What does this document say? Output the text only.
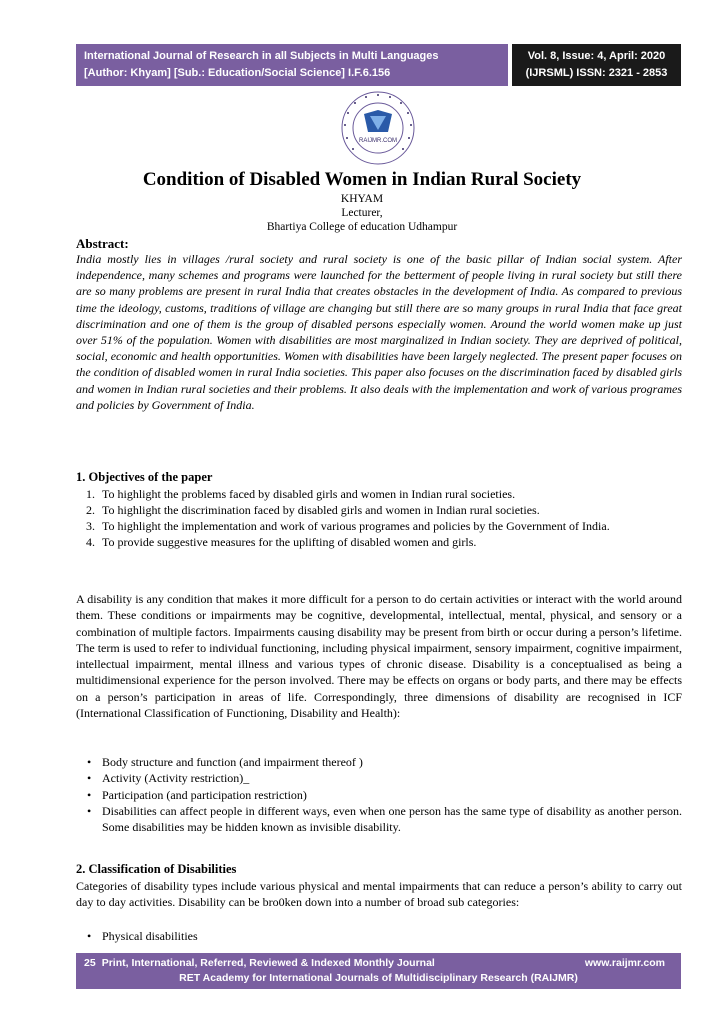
International Journal of Research in all Subjects in Multi Languages
[Author: Khyam] [Sub.: Education/Social Science] I.F.6.156
Vol. 8, Issue: 4, April: 2020
(IJRSML) ISSN: 2321 - 2853
RAIJMR.COM
Condition of Disabled Women in Indian Rural Society
KHYAM
Lecturer,
Bhartiya College of education Udhampur
Abstract:
India mostly lies in villages /rural society and rural society is one of the basic pillar of Indian social system. After independence, many schemes and programs were launched for the betterment of people living in rural society but still there are so many problems are present in rural India that creates obstacles in the development of India. As compared to previous time the ideology, customs, traditions of village are changing but still there are so many groups in rural India that face great discrimination and one of them is the group of disabled persons especially women. Around the world women make up just over 51% of the population. Women with disabilities are most marginalized in Indian society. They are deprived of political, social, economic and health opportunities. Women with disabilities have been largely neglected. The present paper focuses on the condition of disabled women in rural India societies. This paper also focuses on the discrimination faced by disabled girls and women in Indian rural societies and their problems. It also deals with the implementation and work of various programes and policies by Government of India.
1. Objectives of the paper
1. To highlight the problems faced by disabled girls and women in Indian rural societies.
2. To highlight the discrimination faced by disabled girls and women in Indian rural societies.
3. To highlight the implementation and work of various programes and policies by the Government of India.
4. To provide suggestive measures for the uplifting of disabled women and girls.
A disability is any condition that makes it more difficult for a person to do certain activities or interact with the world around them. These conditions or impairments may be cognitive, developmental, intellectual, mental, physical, and sensory or a combination of multiple factors. Impairments causing disability may be present from birth or occur during a person’s lifetime. The term is used to refer to individual functioning, including physical impairment, sensory impairment, cognitive impairment, intellectual impairment, mental illness and various types of chronic disease. Disability is a conceptualised as being a multidimensional experience for the person involved. There may be effects on organs or body parts, and there may be effects on a person’s participation in areas of life. Correspondingly, three dimensions of disability are recognised in ICF (International Classification of Functioning, Disability and Health):
• Body structure and function (and impairment thereof )
• Activity (Activity restriction)_
• Participation (and participation restriction)
• Disabilities can affect people in different ways, even when one person has the same type of disability as another person. Some disabilities may be hidden known as invisible disability.
2. Classification of Disabilities
Categories of disability types include various physical and mental impairments that can reduce a person’s ability to carry out day to day activities. Disability can be bro0ken down into a number of broad sub categories:
• Physical disabilities
25 Print, International, Referred, Reviewed & Indexed Monthly Journal	www.raijmr.com
RET Academy for International Journals of Multidisciplinary Research (RAIJMR)
